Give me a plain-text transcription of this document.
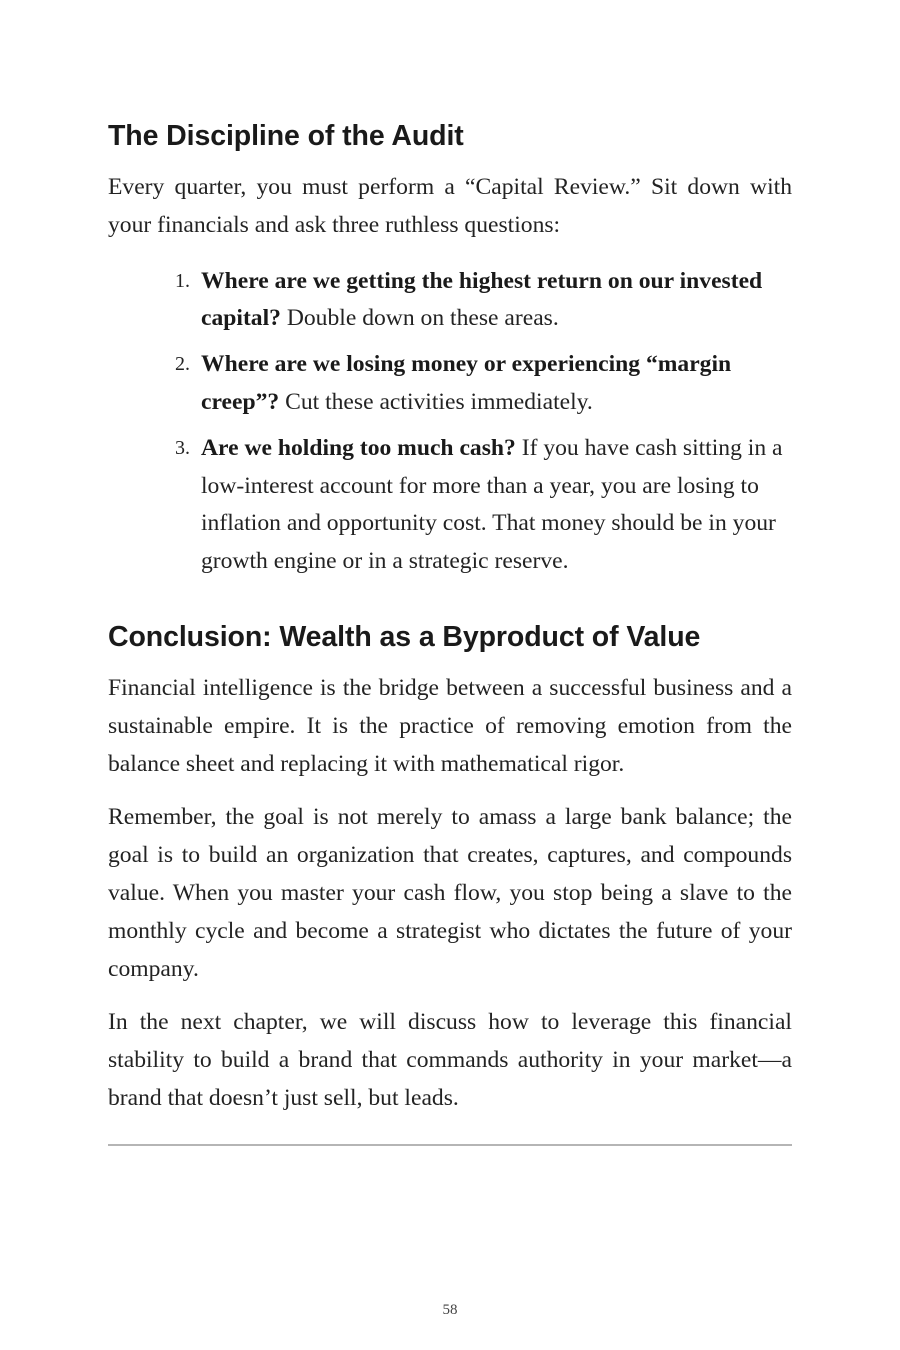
The Discipline of the Audit

Every quarter, you must perform a “Capital Review.” Sit down with your financials and ask three ruthless questions:

1. Where are we getting the highest return on our invested capital? Double down on these areas.
2. Where are we losing money or experiencing “margin creep”? Cut these activities immediately.
3. Are we holding too much cash? If you have cash sitting in a low-interest account for more than a year, you are losing to inflation and opportunity cost. That money should be in your growth engine or in a strategic reserve.
Conclusion: Wealth as a Byproduct of Value

Financial intelligence is the bridge between a successful business and a sustainable empire. It is the practice of removing emotion from the balance sheet and replacing it with mathematical rigor.

Remember, the goal is not merely to amass a large bank balance; the goal is to build an organization that creates, captures, and compounds value. When you master your cash flow, you stop being a slave to the monthly cycle and become a strategist who dictates the future of your company.

In the next chapter, we will discuss how to leverage this financial stability to build a brand that commands authority in your market—a brand that doesn’t just sell, but leads.

58
